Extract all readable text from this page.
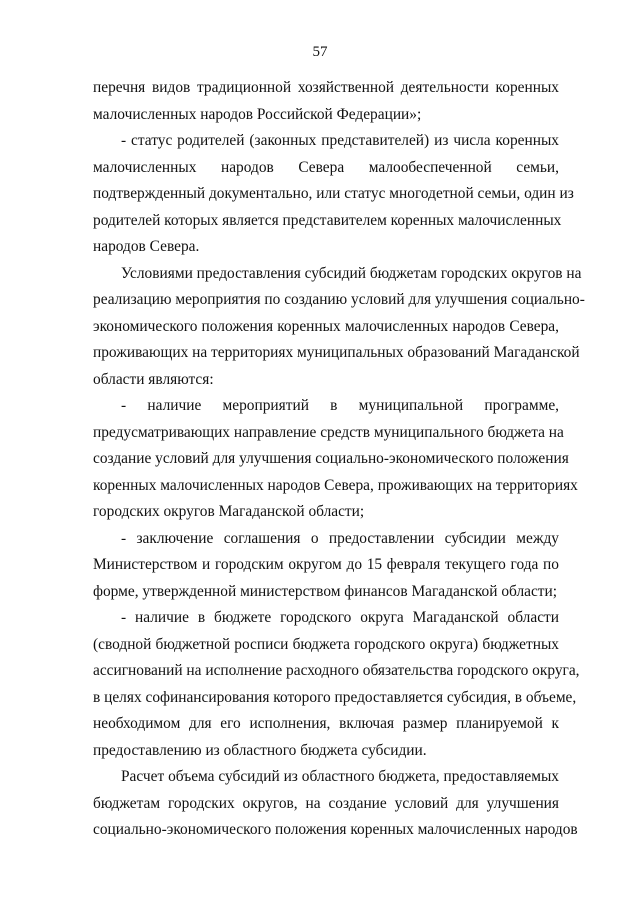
57
перечня видов традиционной хозяйственной деятельности коренных
малочисленных народов Российской Федерации»;
- статус родителей (законных представителей) из числа коренных
малочисленных народов Севера малообеспеченной семьи,
подтвержденный документально, или статус многодетной семьи, один из
родителей которых является представителем коренных малочисленных
народов Севера.
Условиями предоставления субсидий бюджетам городских округов на
реализацию мероприятия по созданию условий для улучшения социально-
экономического положения коренных малочисленных народов Севера,
проживающих на территориях муниципальных образований Магаданской
области являются:
- наличие мероприятий в муниципальной программе,
предусматривающих направление средств муниципального бюджета на
создание условий для улучшения социально-экономического положения
коренных малочисленных народов Севера, проживающих на территориях
городских округов Магаданской области;
- заключение соглашения о предоставлении субсидии между
Министерством и городским округом до 15 февраля текущего года по
форме, утвержденной министерством финансов Магаданской области;
- наличие в бюджете городского округа Магаданской области
(сводной бюджетной росписи бюджета городского округа) бюджетных
ассигнований на исполнение расходного обязательства городского округа,
в целях софинансирования которого предоставляется субсидия, в объеме,
необходимом для его исполнения, включая размер планируемой к
предоставлению из областного бюджета субсидии.
Расчет объема субсидий из областного бюджета, предоставляемых
бюджетам городских округов, на создание условий для улучшения
социально-экономического положения коренных малочисленных народов
